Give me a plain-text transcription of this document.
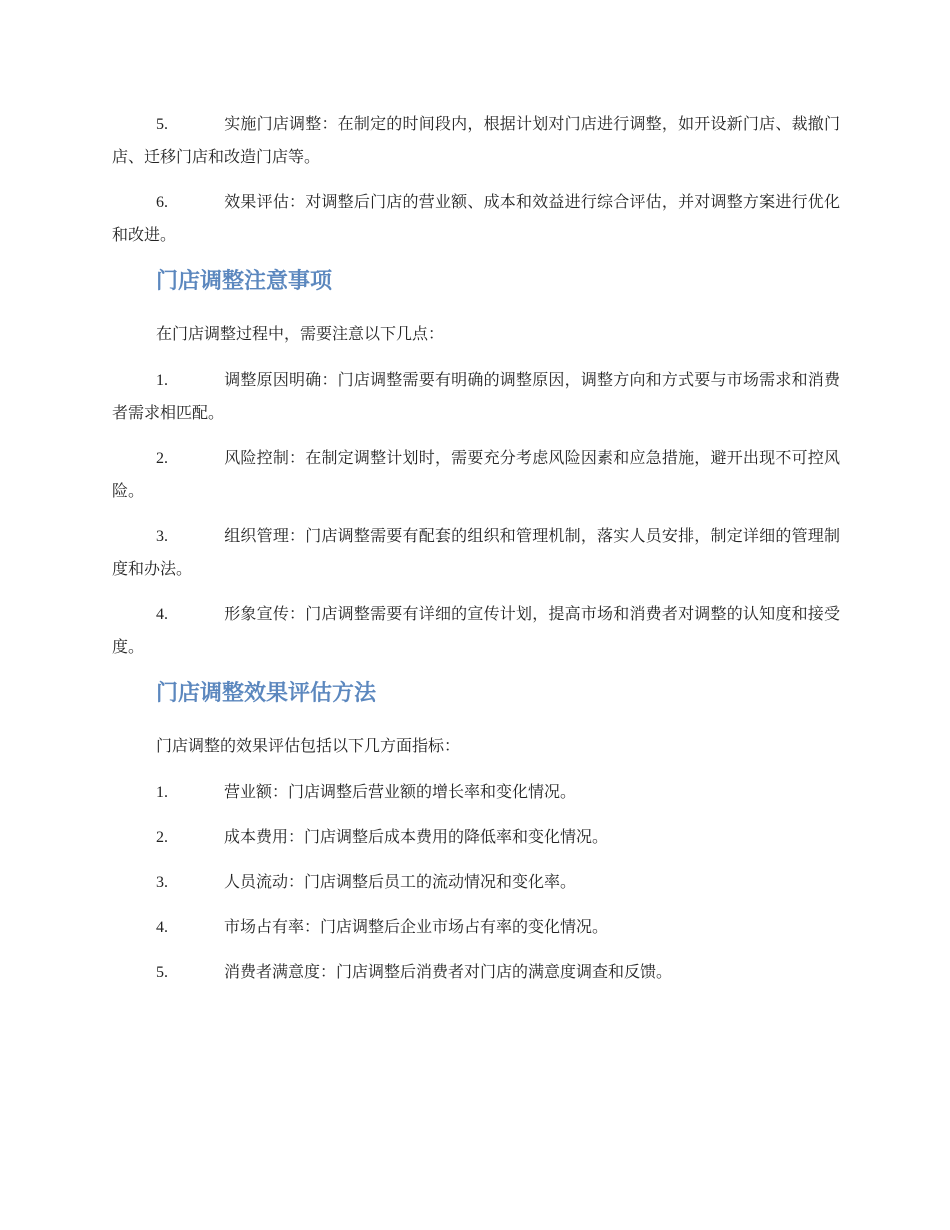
5.	实施门店调整：在制定的时间段内，根据计划对门店进行调整，如开设新门店、裁撤门店、迁移门店和改造门店等。

6.	效果评估：对调整后门店的营业额、成本和效益进行综合评估，并对调整方案进行优化和改进。

门店调整注意事项

在门店调整过程中，需要注意以下几点：

1.	调整原因明确：门店调整需要有明确的调整原因，调整方向和方式要与市场需求和消费者需求相匹配。

2.	风险控制：在制定调整计划时，需要充分考虑风险因素和应急措施，避开出现不可控风险。

3.	组织管理：门店调整需要有配套的组织和管理机制，落实人员安排，制定详细的管理制度和办法。

4.	形象宣传：门店调整需要有详细的宣传计划，提高市场和消费者对调整的认知度和接受度。

门店调整效果评估方法

门店调整的效果评估包括以下几方面指标：

1.	营业额：门店调整后营业额的增长率和变化情况。

2.	成本费用：门店调整后成本费用的降低率和变化情况。

3.	人员流动：门店调整后员工的流动情况和变化率。

4.	市场占有率：门店调整后企业市场占有率的变化情况。

5.	消费者满意度：门店调整后消费者对门店的满意度调查和反馈。
